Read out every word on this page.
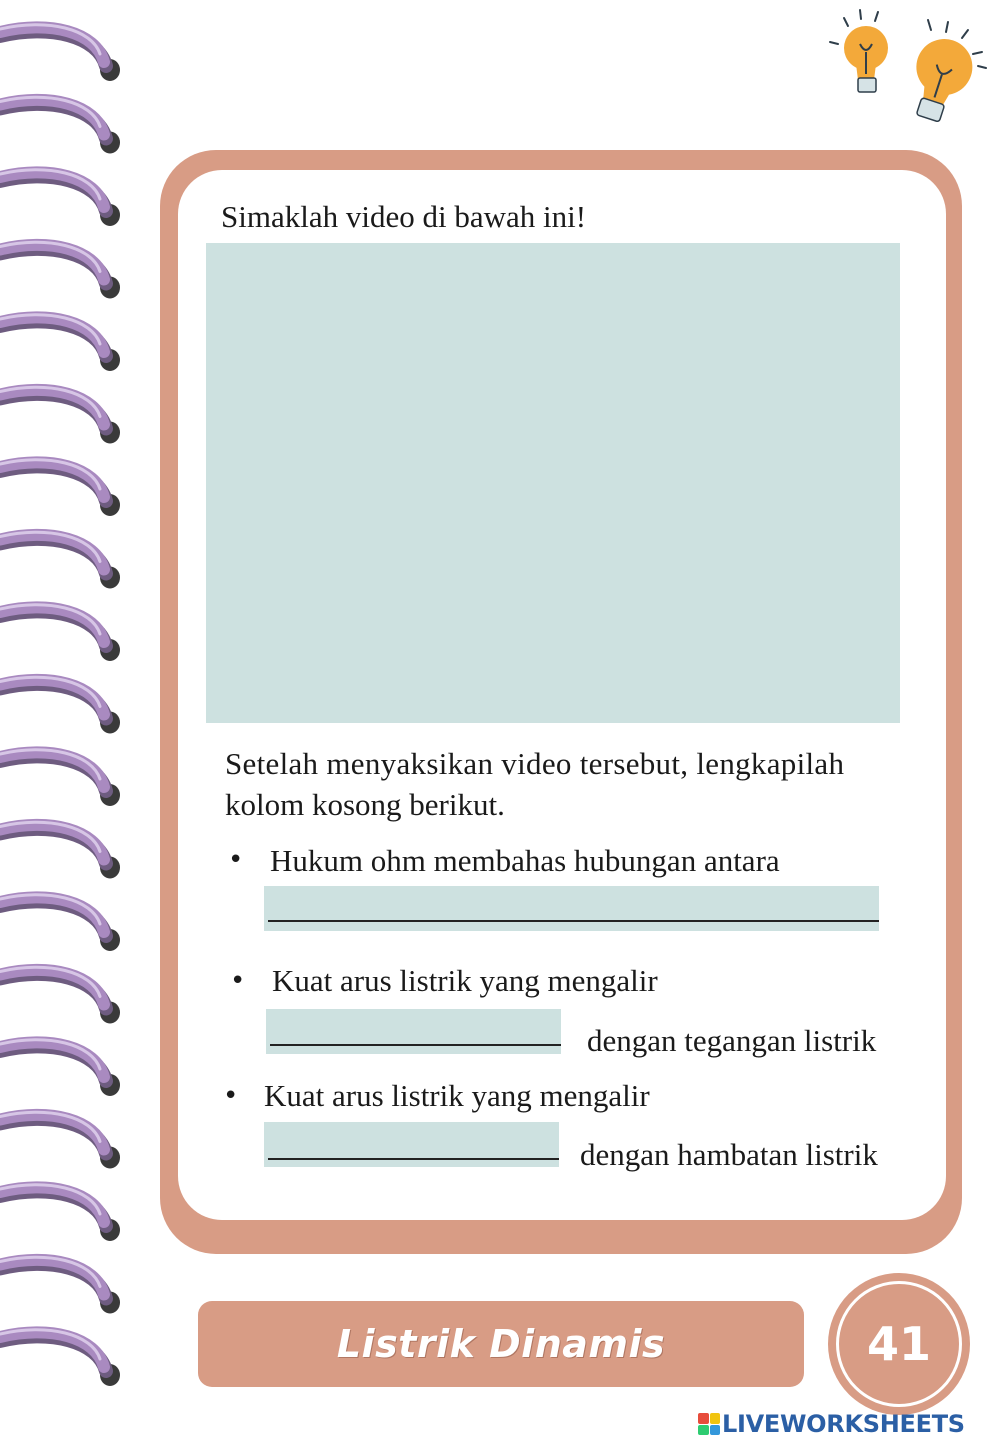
Simaklah video di bawah ini!
Setelah menyaksikan video tersebut, lengkapilah
kolom kosong berikut.
• Hukum ohm membahas hubungan antara
• Kuat arus listrik yang mengalir
dengan tegangan listrik
• Kuat arus listrik yang mengalir
dengan hambatan listrik
Listrik Dinamis	41
LIVEWORKSHEETS
